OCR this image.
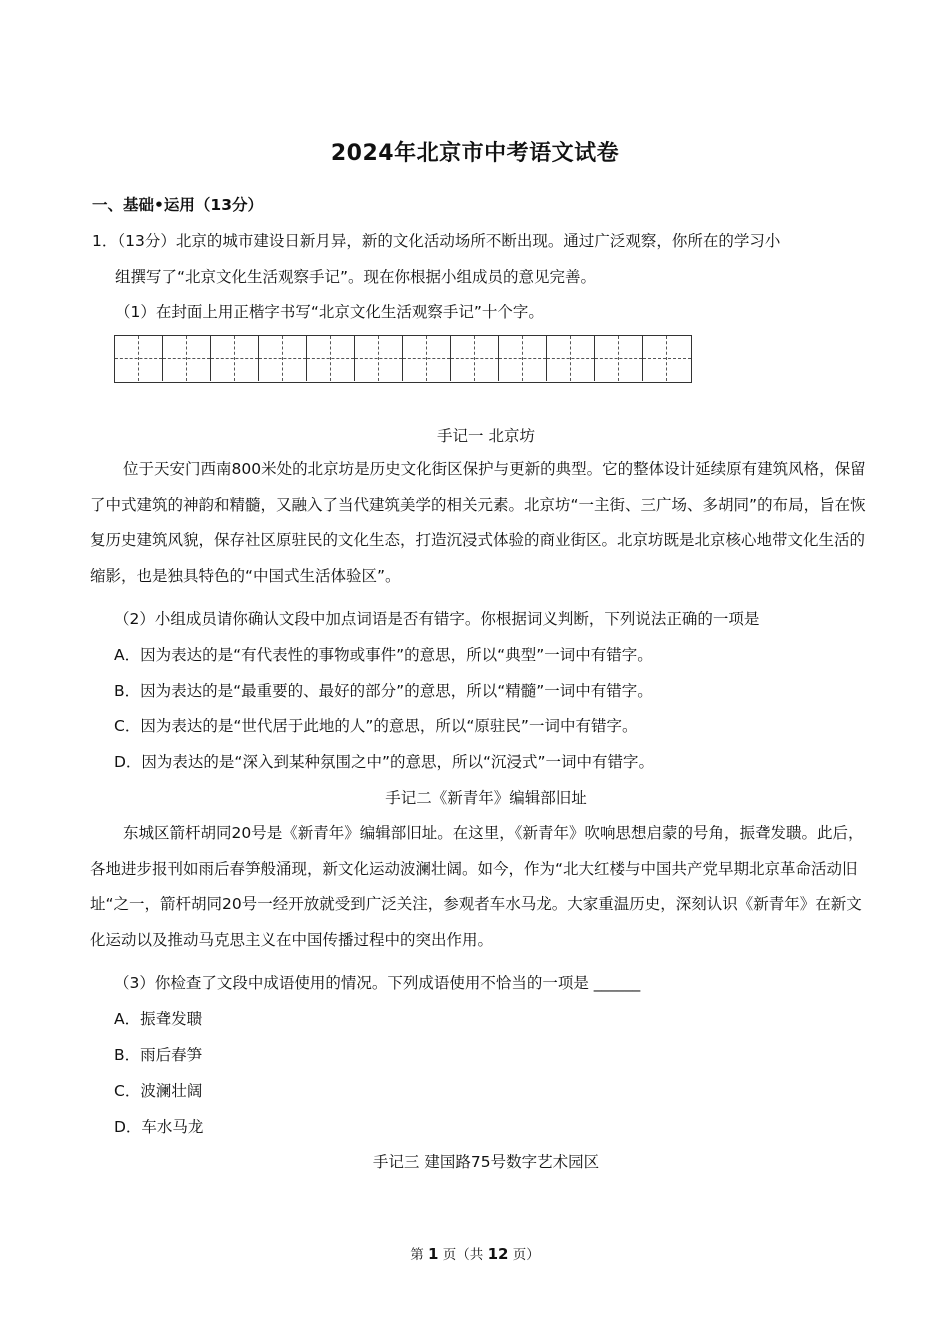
2024年北京市中考语文试卷
一、基础•运用（13分）
1．（13分）北京的城市建设日新月异，新的文化活动场所不断出现。通过广泛观察，你所在的学习小
组撰写了“北京文化生活观察手记”。现在你根据小组成员的意见完善。
（1）在封面上用正楷字书写“北京文化生活观察手记”十个字。
手记一 北京坊
位于天安门西南800米处的北京坊是历史文化街区保护与更新的典型。它的整体设计延续原有建筑风格，保留了中式建筑的神韵和精髓，又融入了当代建筑美学的相关元素。北京坊“一主街、三广场、多胡同”的布局，旨在恢复历史建筑风貌，保存社区原驻民的文化生态，打造沉浸式体验的商业街区。北京坊既是北京核心地带文化生活的缩影，也是独具特色的“中国式生活体验区”。
（2）小组成员请你确认文段中加点词语是否有错字。你根据词义判断，下列说法正确的一项是
A．因为表达的是“有代表性的事物或事件”的意思，所以“典型”一词中有错字。
B．因为表达的是“最重要的、最好的部分”的意思，所以“精髓”一词中有错字。
C．因为表达的是“世代居于此地的人”的意思，所以“原驻民”一词中有错字。
D．因为表达的是“深入到某种氛围之中”的意思，所以“沉浸式”一词中有错字。
手记二《新青年》编辑部旧址
东城区箭杆胡同20号是《新青年》编辑部旧址。在这里，《新青年》吹响思想启蒙的号角，振聋发聩。此后，各地进步报刊如雨后春笋般涌现，新文化运动波澜壮阔。如今，作为“北大红楼与中国共产党早期北京革命活动旧址“之一，箭杆胡同20号一经开放就受到广泛关注，参观者车水马龙。大家重温历史，深刻认识《新青年》在新文化运动以及推动马克思主义在中国传播过程中的突出作用。
（3）你检查了文段中成语使用的情况。下列成语使用不恰当的一项是 ______
A．振聋发聩
B．雨后春笋
C．波澜壮阔
D．车水马龙
手记三 建国路75号数字艺术园区
第 1 页（共 12 页）
